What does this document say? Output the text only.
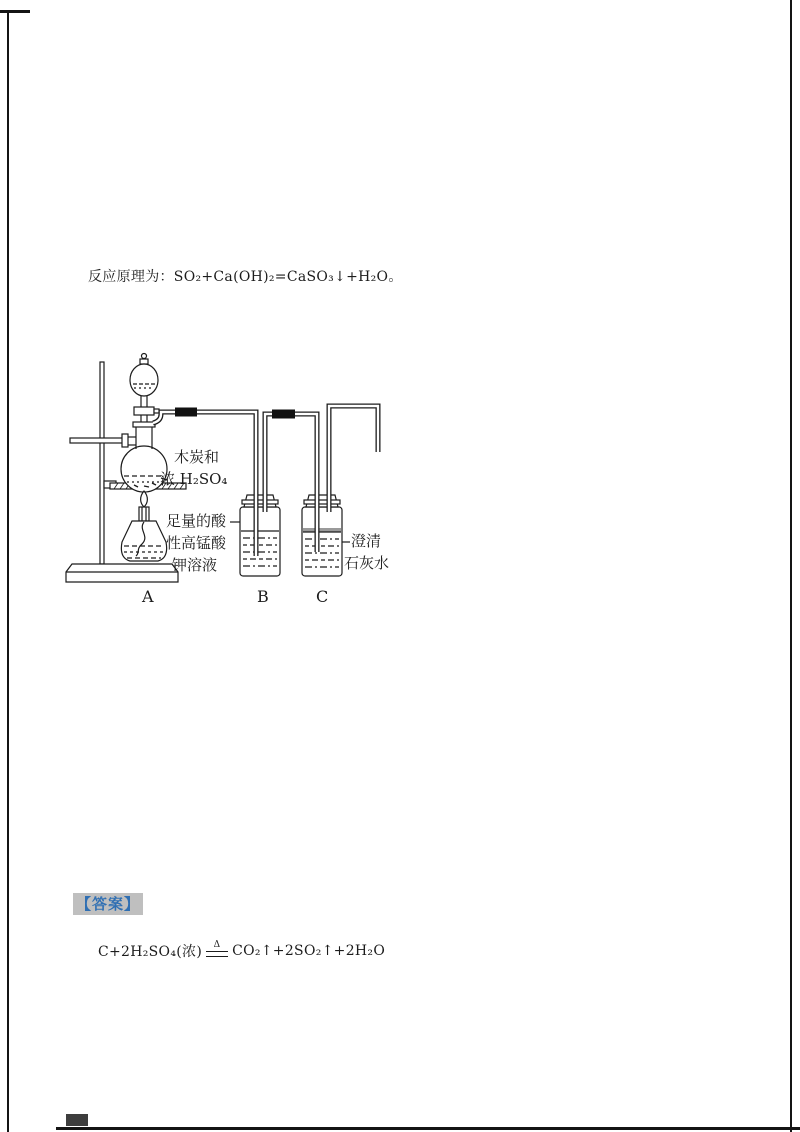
反应原理为：SO₂+Ca(OH)₂=CaSO₃↓+H₂O。
木炭和
浓 H₂SO₄
足量的酸
性高锰酸
钾溶液
澄清
石灰水
A	B	C
【答案】
C+2H₂SO₄(浓) Δ CO₂↑+2SO₂↑+2H₂O
